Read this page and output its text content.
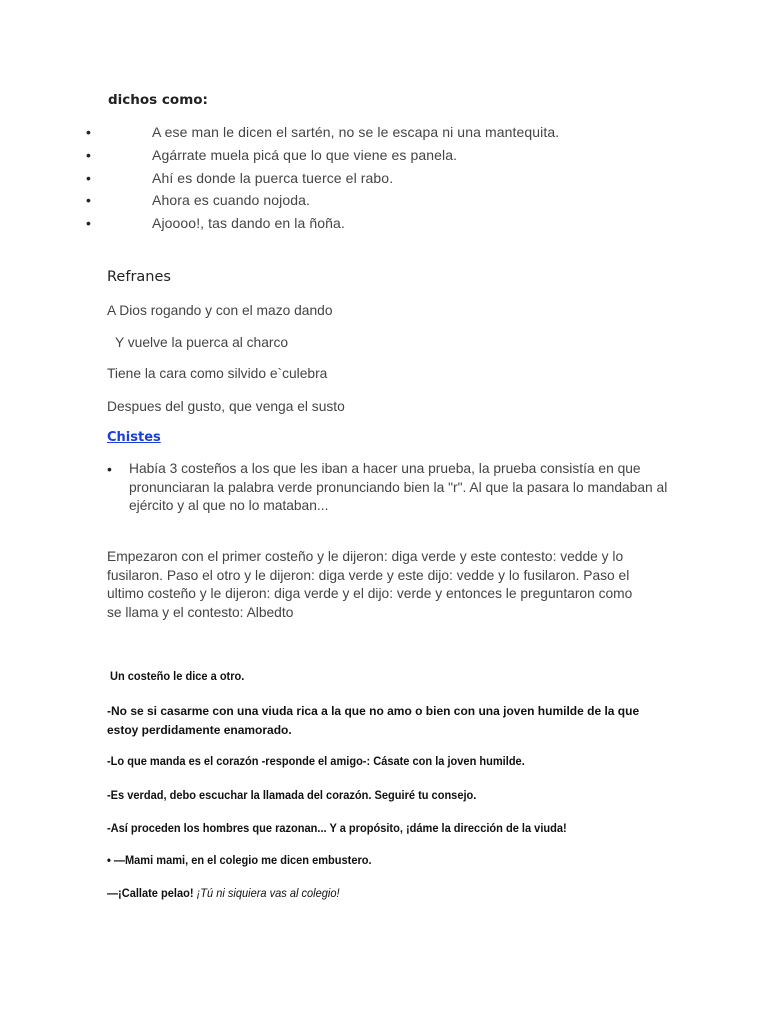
dichos como:
•	A ese man le dicen el sartén, no se le escapa ni una mantequita.
•	Agárrate muela picá que lo que viene es panela.
•	Ahí es donde la puerca tuerce el rabo.
•	Ahora es cuando nojoda.
•	Ajoooo!, tas dando en la ñoña.
Refranes
A Dios rogando y con el mazo dando
Y vuelve la puerca al charco
Tiene la cara como silvido e`culebra
Despues del gusto, que venga el susto
Chistes
• Había 3 costeños a los que les iban a hacer una prueba, la prueba consistía en que pronunciaran la palabra verde pronunciando bien la "r". Al que la pasara lo mandaban al ejército y al que no lo mataban...
Empezaron con el primer costeño y le dijeron: diga verde y este contesto: vedde y lo fusilaron. Paso el otro y le dijeron: diga verde y este dijo: vedde y lo fusilaron. Paso el ultimo costeño y le dijeron: diga verde y el dijo: verde y entonces le preguntaron como se llama y el contesto: Albedto
Un costeño le dice a otro.
-No se si casarme con una viuda rica a la que no amo o bien con una joven humilde de la que estoy perdidamente enamorado.
-Lo que manda es el corazón -responde el amigo-: Cásate con la joven humilde.
-Es verdad, debo escuchar la llamada del corazón. Seguiré tu consejo.
-Así proceden los hombres que razonan... Y a propósito, ¡dáme la dirección de la viuda!
• —Mami mami, en el colegio me dicen embustero.
—¡Callate pelao! ¡Tú ni siquiera vas al colegio!
